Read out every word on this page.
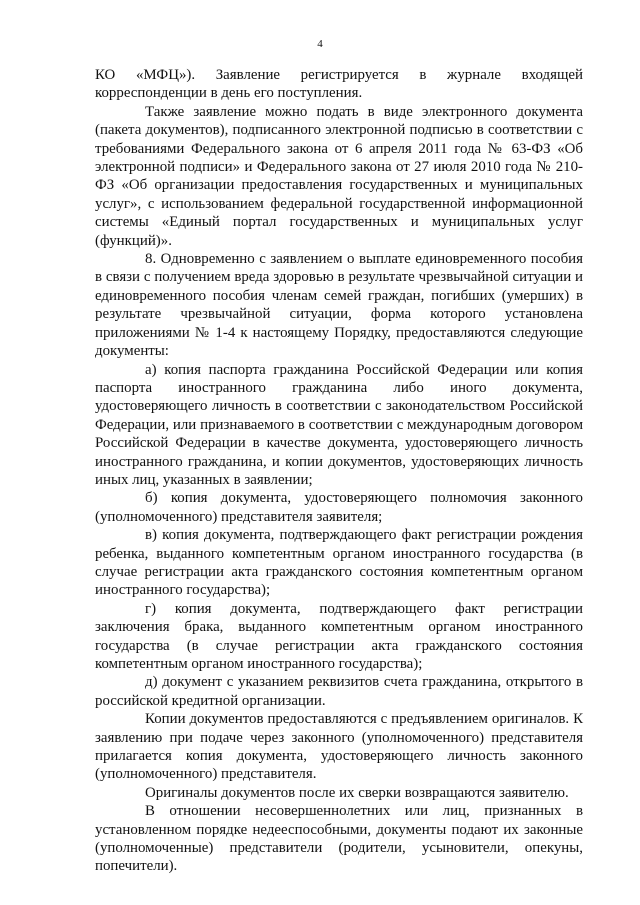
4

КО «МФЦ»). Заявление регистрируется в журнале входящей корреспонденции в день его поступления.

Также заявление можно подать в виде электронного документа (пакета документов), подписанного электронной подписью в соответствии с требованиями Федерального закона от 6 апреля 2011 года № 63-ФЗ «Об электронной подписи» и Федерального закона от 27 июля 2010 года № 210-ФЗ «Об организации предоставления государственных и муниципальных услуг», с использованием федеральной государственной информационной системы «Единый портал государственных и муниципальных услуг (функций)».

8. Одновременно с заявлением о выплате единовременного пособия в связи с получением вреда здоровью в результате чрезвычайной ситуации и единовременного пособия членам семей граждан, погибших (умерших) в результате чрезвычайной ситуации, форма которого установлена приложениями № 1-4 к настоящему Порядку, предоставляются следующие документы:

а) копия паспорта гражданина Российской Федерации или копия паспорта иностранного гражданина либо иного документа, удостоверяющего личность в соответствии с законодательством Российской Федерации, или признаваемого в соответствии с международным договором Российской Федерации в качестве документа, удостоверяющего личность иностранного гражданина, и копии документов, удостоверяющих личность иных лиц, указанных в заявлении;

б) копия документа, удостоверяющего полномочия законного (уполномоченного) представителя заявителя;

в) копия документа, подтверждающего факт регистрации рождения ребенка, выданного компетентным органом иностранного государства (в случае регистрации акта гражданского состояния компетентным органом иностранного государства);

г) копия документа, подтверждающего факт регистрации заключения брака, выданного компетентным органом иностранного государства (в случае регистрации акта гражданского состояния компетентным органом иностранного государства);

д) документ с указанием реквизитов счета гражданина, открытого в российской кредитной организации.

Копии документов предоставляются с предъявлением оригиналов. К заявлению при подаче через законного (уполномоченного) представителя прилагается копия документа, удостоверяющего личность законного (уполномоченного) представителя.

Оригиналы документов после их сверки возвращаются заявителю.

В отношении несовершеннолетних или лиц, признанных в установленном порядке недееспособными, документы подают их законные (уполномоченные) представители (родители, усыновители, опекуны, попечители).
